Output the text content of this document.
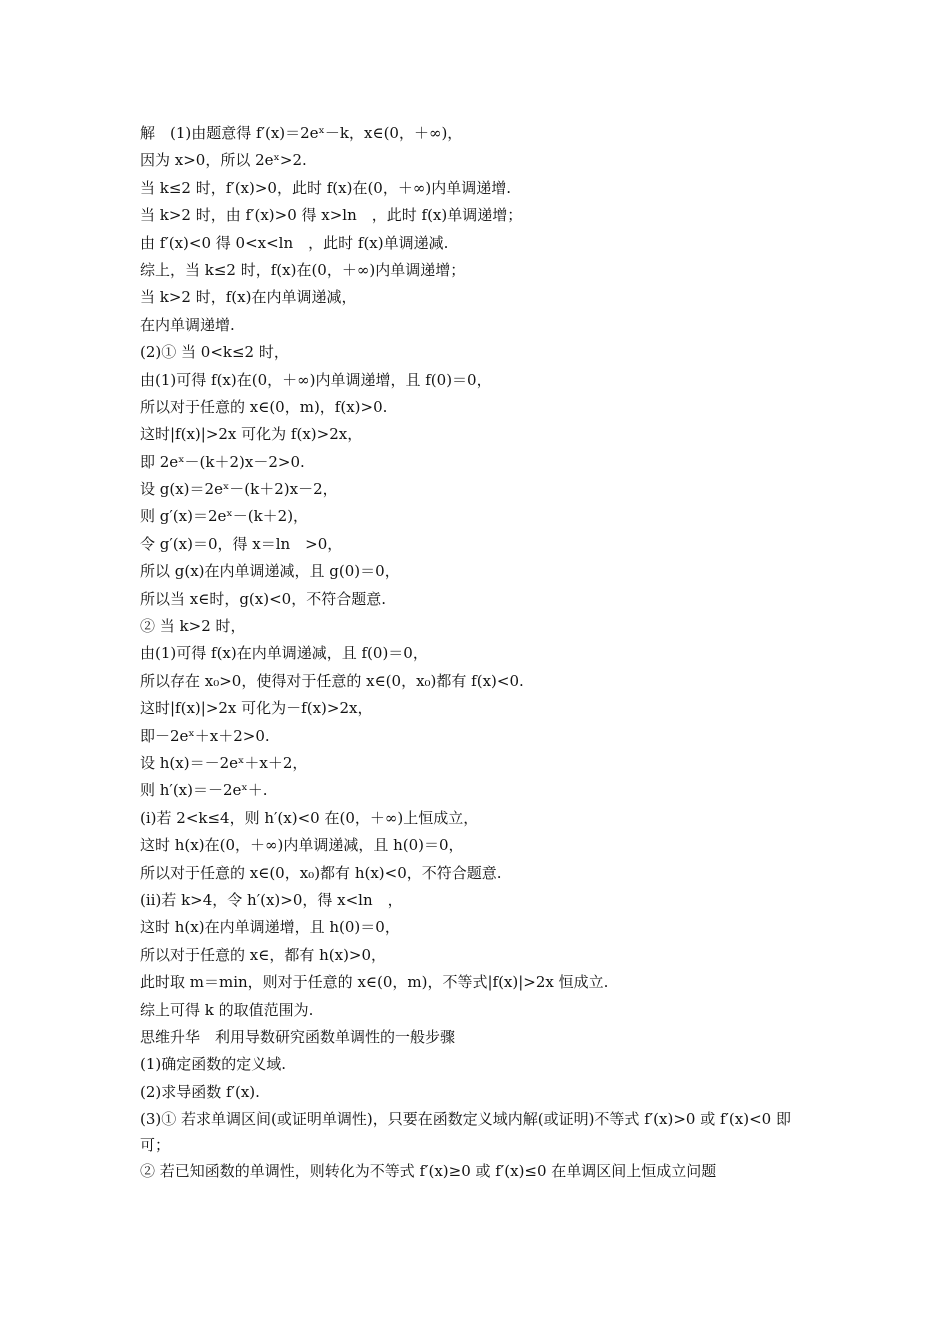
解　(1)由题意得 f′(x)＝2eˣ－k，x∈(0，＋∞)，
因为 x>0，所以 2eˣ>2.
当 k≤2 时，f′(x)>0，此时 f(x)在(0，＋∞)内单调递增.
当 k>2 时，由 f′(x)>0 得 x>ln　，此时 f(x)单调递增；
由 f′(x)<0 得 0<x<ln　，此时 f(x)单调递减.
综上，当 k≤2 时，f(x)在(0，＋∞)内单调递增；
当 k>2 时，f(x)在内单调递减，
在内单调递增.
(2)① 当 0<k≤2 时，
由(1)可得 f(x)在(0，＋∞)内单调递增，且 f(0)＝0，
所以对于任意的 x∈(0，m)，f(x)>0.
这时|f(x)|>2x 可化为 f(x)>2x，
即 2eˣ－(k＋2)x－2>0.
设 g(x)＝2eˣ－(k＋2)x－2，
则 g′(x)＝2eˣ－(k＋2)，
令 g′(x)＝0，得 x＝ln　>0，
所以 g(x)在内单调递减，且 g(0)＝0，
所以当 x∈时，g(x)<0，不符合题意.
② 当 k>2 时，
由(1)可得 f(x)在内单调递减，且 f(0)＝0，
所以存在 x₀>0，使得对于任意的 x∈(0，x₀)都有 f(x)<0.
这时|f(x)|>2x 可化为－f(x)>2x，
即－2eˣ＋x＋2>0.
设 h(x)＝－2eˣ＋x＋2，
则 h′(x)＝－2eˣ＋.
(ⅰ)若 2<k≤4，则 h′(x)<0 在(0，＋∞)上恒成立，
这时 h(x)在(0，＋∞)内单调递减，且 h(0)＝0，
所以对于任意的 x∈(0，x₀)都有 h(x)<0，不符合题意.
(ⅱ)若 k>4，令 h′(x)>0，得 x<ln　，
这时 h(x)在内单调递增，且 h(0)＝0，
所以对于任意的 x∈，都有 h(x)>0，
此时取 m＝min，则对于任意的 x∈(0，m)，不等式|f(x)|>2x 恒成立.
综上可得 k 的取值范围为.
思维升华　利用导数研究函数单调性的一般步骤
(1)确定函数的定义域.
(2)求导函数 f′(x).
(3)① 若求单调区间(或证明单调性)，只要在函数定义域内解(或证明)不等式 f′(x)>0 或 f′(x)<0 即可；
② 若已知函数的单调性，则转化为不等式 f′(x)≥0 或 f′(x)≤0 在单调区间上恒成立问题
